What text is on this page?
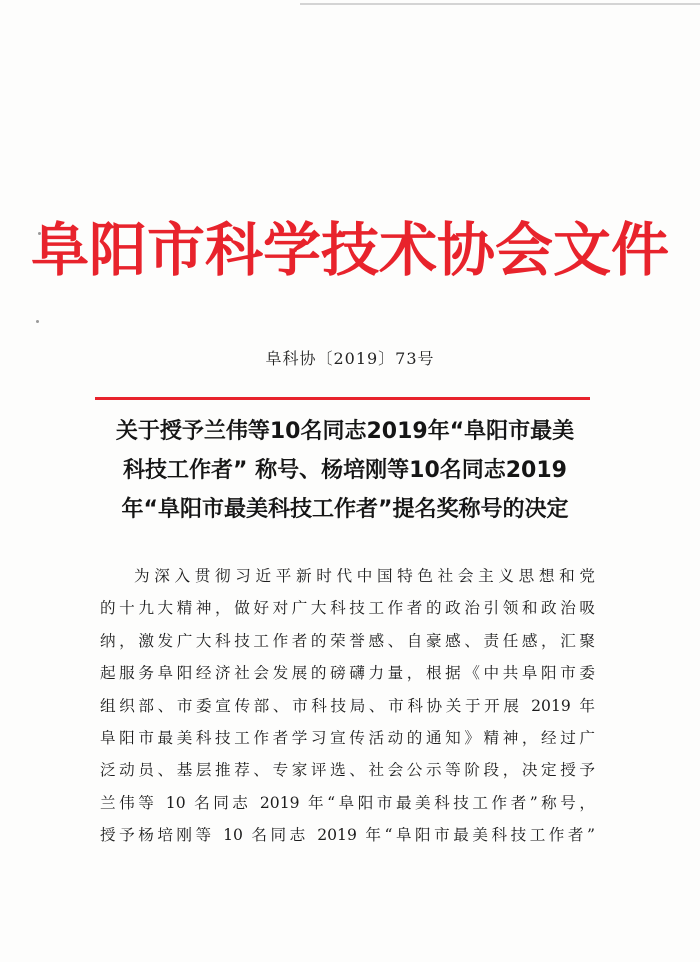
阜阳市科学技术协会文件
阜科协〔2019〕73号
关于授予兰伟等10名同志2019年“阜阳市最美
科技工作者” 称号、杨培刚等10名同志2019
年“阜阳市最美科技工作者”提名奖称号的决定
为深入贯彻习近平新时代中国特色社会主义思想和党
的十九大精神，做好对广大科技工作者的政治引领和政治吸
纳，激发广大科技工作者的荣誉感、自豪感、责任感，汇聚
起服务阜阳经济社会发展的磅礴力量，根据《中共阜阳市委
组织部、市委宣传部、市科技局、市科协关于开展 2019 年
阜阳市最美科技工作者学习宣传活动的通知》精神，经过广
泛动员、基层推荐、专家评选、社会公示等阶段，决定授予
兰伟等 10 名同志 2019 年“阜阳市最美科技工作者”称号，
授予杨培刚等 10 名同志 2019 年“阜阳市最美科技工作者”
